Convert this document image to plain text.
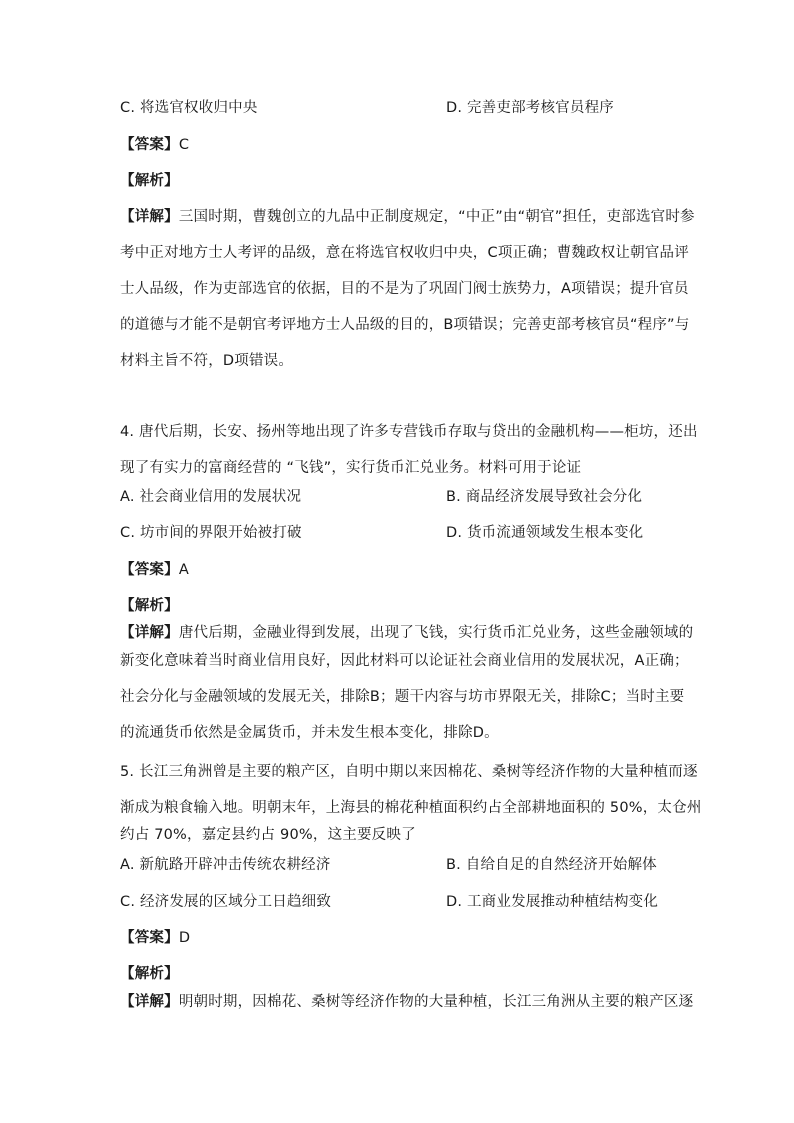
C. 将选官权收归中央	D. 完善吏部考核官员程序
【答案】C
【解析】
【详解】三国时期，曹魏创立的九品中正制度规定，“中正”由“朝官”担任，吏部选官时参
考中正对地方士人考评的品级，意在将选官权收归中央，C项正确；曹魏政权让朝官品评
士人品级，作为吏部选官的依据，目的不是为了巩固门阀士族势力，A项错误；提升官员
的道德与才能不是朝官考评地方士人品级的目的，B项错误；完善吏部考核官员“程序”与
材料主旨不符，D项错误。
4. 唐代后期，长安、扬州等地出现了许多专营钱币存取与贷出的金融机构——柜坊，还出
现了有实力的富商经营的 “飞钱”，实行货币汇兑业务。材料可用于论证
A. 社会商业信用的发展状况	B. 商品经济发展导致社会分化
C. 坊市间的界限开始被打破	D. 货币流通领域发生根本变化
【答案】A
【解析】
【详解】唐代后期，金融业得到发展，出现了飞钱，实行货币汇兑业务，这些金融领域的
新变化意味着当时商业信用良好，因此材料可以论证社会商业信用的发展状况，A正确；
社会分化与金融领域的发展无关，排除B；题干内容与坊市界限无关，排除C；当时主要
的流通货币依然是金属货币，并未发生根本变化，排除D。
5. 长江三角洲曾是主要的粮产区，自明中期以来因棉花、桑树等经济作物的大量种植而逐
渐成为粮食输入地。明朝末年，上海县的棉花种植面积约占全部耕地面积的 50%，太仓州
约占 70%，嘉定县约占 90%，这主要反映了
A. 新航路开辟冲击传统农耕经济	B. 自给自足的自然经济开始解体
C. 经济发展的区域分工日趋细致	D. 工商业发展推动种植结构变化
【答案】D
【解析】
【详解】明朝时期，因棉花、桑树等经济作物的大量种植，长江三角洲从主要的粮产区逐
